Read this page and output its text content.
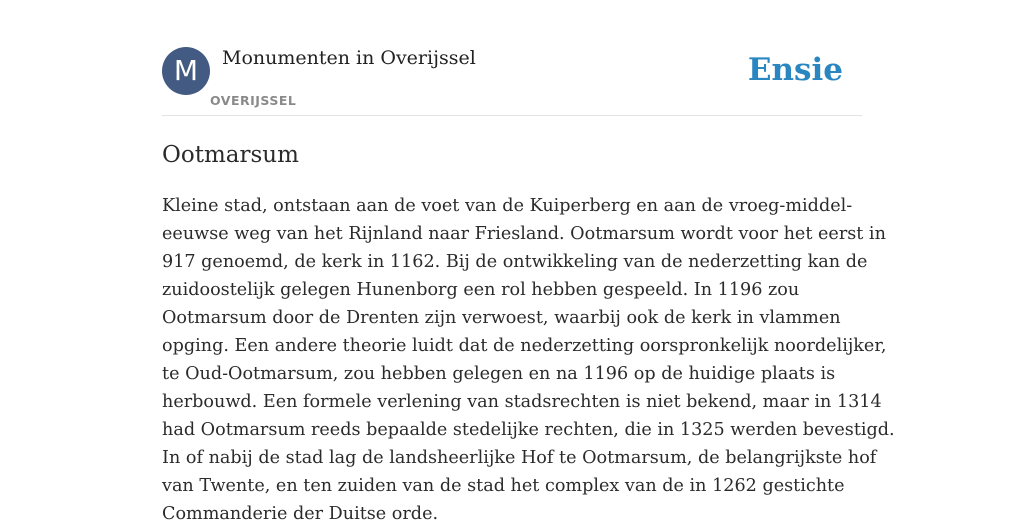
M	Monumenten in Overijssel
OVERIJSSEL
Ensie
Ootmarsum

Kleine stad, ontstaan aan de voet van de Kuiperberg en aan de vroeg-middel-
eeuwse weg van het Rijnland naar Friesland. Ootmarsum wordt voor het eerst in
917 genoemd, de kerk in 1162. Bij de ontwikkeling van de nederzetting kan de
zuidoostelijk gelegen Hunenborg een rol hebben gespeeld. In 1196 zou
Ootmarsum door de Drenten zijn verwoest, waarbij ook de kerk in vlammen
opging. Een andere theorie luidt dat de nederzetting oorspronkelijk noordelijker,
te Oud-Ootmarsum, zou hebben gelegen en na 1196 op de huidige plaats is
herbouwd. Een formele verlening van stadsrechten is niet bekend, maar in 1314
had Ootmarsum reeds bepaalde stedelijke rechten, die in 1325 werden bevestigd.
In of nabij de stad lag de landsheerlijke Hof te Ootmarsum, de belangrijkste hof
van Twente, en ten zuiden van de stad het complex van de in 1262 gestichte
Commanderie der Duitse orde.
